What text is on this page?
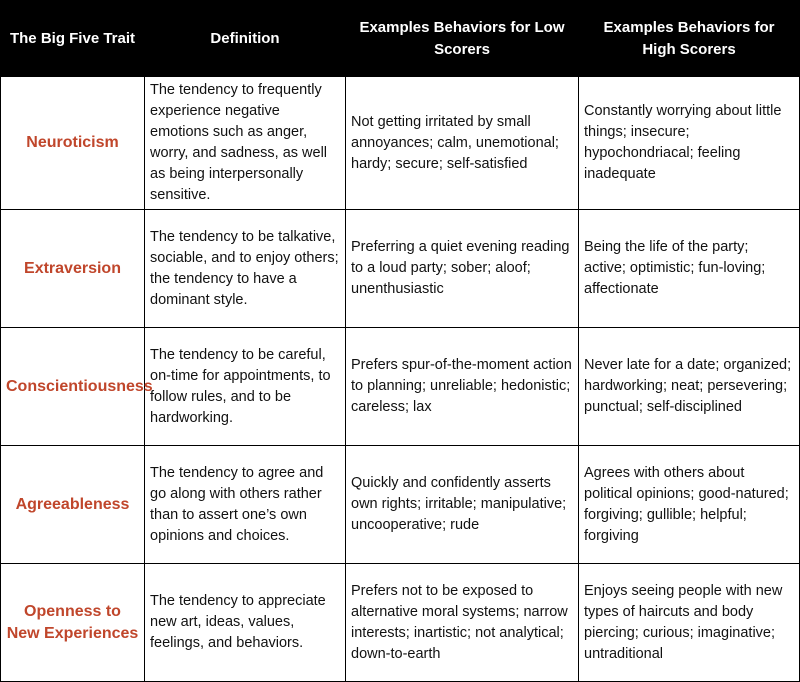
The Big Five Trait	Definition	Examples Behaviors for Low Scorers	Examples Behaviors for High Scorers
Neuroticism	The tendency to frequently experience negative emotions such as anger, worry, and sadness, as well as being interpersonally sensitive.	Not getting irritated by small annoyances; calm, unemotional; hardy; secure; self-satisfied	Constantly worrying about little things; insecure; hypochondriacal; feeling inadequate
Extraversion	The tendency to be talkative, sociable, and to enjoy others; the tendency to have a dominant style.	Preferring a quiet evening reading to a loud party; sober; aloof; unenthusiastic	Being the life of the party; active; optimistic; fun-loving; affectionate
Conscientiousness	The tendency to be careful, on-time for appointments, to follow rules, and to be hardworking.	Prefers spur-of-the-moment action to planning; unreliable; hedonistic; careless; lax	Never late for a date; organized; hardworking; neat; persevering; punctual; self-disciplined
Agreeableness	The tendency to agree and go along with others rather than to assert one’s own opinions and choices.	Quickly and confidently asserts own rights; irritable; manipulative; uncooperative; rude	Agrees with others about political opinions; good-natured; forgiving; gullible; helpful; forgiving
Openness to New Experiences	The tendency to appreciate new art, ideas, values, feelings, and behaviors.	Prefers not to be exposed to alternative moral systems; narrow interests; inartistic; not analytical; down-to-earth	Enjoys seeing people with new types of haircuts and body piercing; curious; imaginative; untraditional
